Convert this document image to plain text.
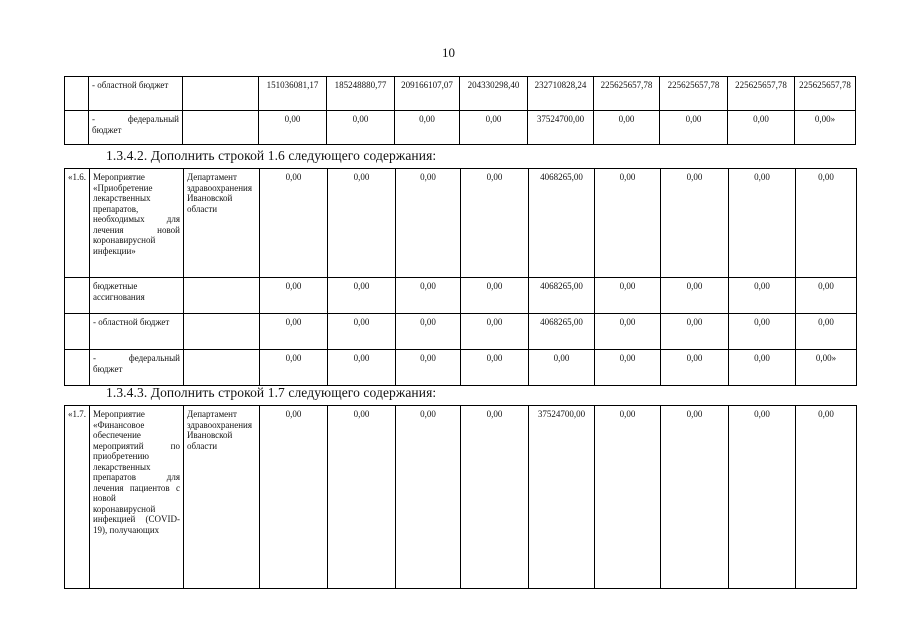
10

	- областной бюджет		151036081,17	185248880,77	209166107,07	204330298,40	232710828,24	225625657,78	225625657,78	225625657,78	225625657,78
	- федеральный бюджет		0,00	0,00	0,00	0,00	37524700,00	0,00	0,00	0,00	0,00»
1.3.4.2. Дополнить строкой 1.6 следующего содержания:
«1.6.	Мероприятие «Приобретение лекарственных препаратов, необходимых для лечения новой коронавирусной инфекции»	Департамент здравоохранения Ивановской области	0,00	0,00	0,00	0,00	4068265,00	0,00	0,00	0,00	0,00
	бюджетные ассигнования		0,00	0,00	0,00	0,00	4068265,00	0,00	0,00	0,00	0,00
	- областной бюджет		0,00	0,00	0,00	0,00	4068265,00	0,00	0,00	0,00	0,00
	- федеральный бюджет		0,00	0,00	0,00	0,00	0,00	0,00	0,00	0,00	0,00»
1.3.4.3. Дополнить строкой 1.7 следующего содержания:
«1.7.	Мероприятие «Финансовое обеспечение мероприятий по приобретению лекарственных препаратов для лечения пациентов с новой коронавирусной инфекцией (COVID-19), получающих	Департамент здравоохранения Ивановской области	0,00	0,00	0,00	0,00	37524700,00	0,00	0,00	0,00	0,00
